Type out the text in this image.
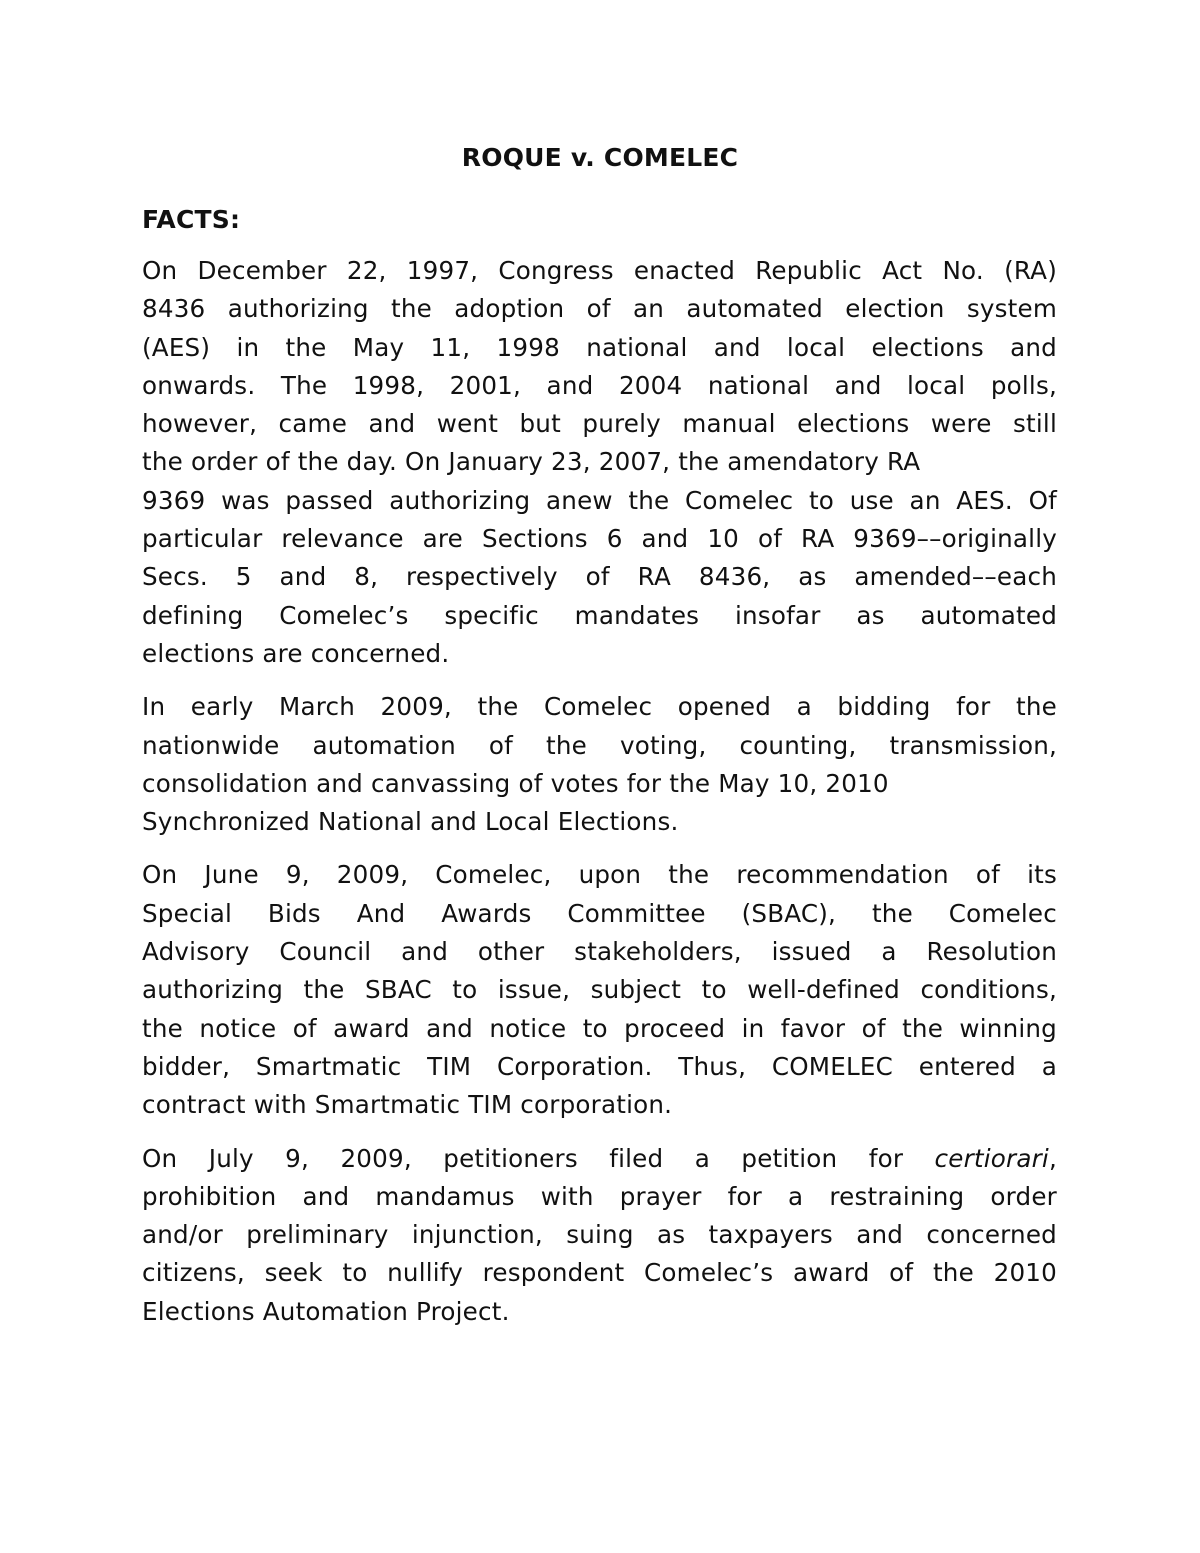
ROQUE v. COMELEC
FACTS:

On December 22, 1997, Congress enacted Republic Act No. (RA)
8436 authorizing the adoption of an automated election system
(AES) in the May 11, 1998 national and local elections and
onwards. The 1998, 2001, and 2004 national and local polls,
however, came and went but purely manual elections were still
the order of the day. On January 23, 2007, the amendatory RA
9369 was passed authorizing anew the Comelec to use an AES. Of
particular relevance are Sections 6 and 10 of RA 9369––originally
Secs. 5 and 8, respectively of RA 8436, as amended––each
defining Comelec’s specific mandates insofar as automated
elections are concerned.

In early March 2009, the Comelec opened a bidding for the
nationwide automation of the voting, counting, transmission,
consolidation and canvassing of votes for the May 10, 2010
Synchronized National and Local Elections.

On June 9, 2009, Comelec, upon the recommendation of its
Special Bids And Awards Committee (SBAC), the Comelec
Advisory Council and other stakeholders, issued a Resolution
authorizing the SBAC to issue, subject to well-defined conditions,
the notice of award and notice to proceed in favor of the winning
bidder, Smartmatic TIM Corporation. Thus, COMELEC entered a
contract with Smartmatic TIM corporation.

On July 9, 2009, petitioners filed a petition for certiorari,
prohibition and mandamus with prayer for a restraining order
and/or preliminary injunction, suing as taxpayers and concerned
citizens, seek to nullify respondent Comelec’s award of the 2010
Elections Automation Project.
